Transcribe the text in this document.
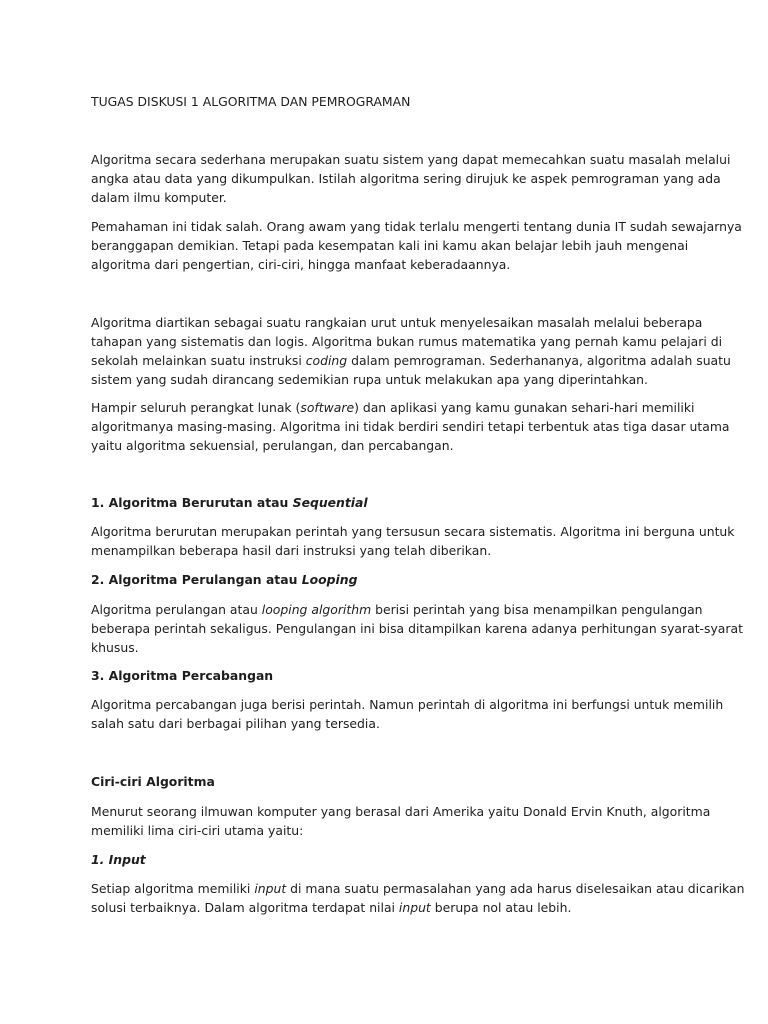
TUGAS DISKUSI 1 ALGORITMA DAN PEMROGRAMAN
Algoritma secara sederhana merupakan suatu sistem yang dapat memecahkan suatu masalah melalui
angka atau data yang dikumpulkan. Istilah algoritma sering dirujuk ke aspek pemrograman yang ada
dalam ilmu komputer.
Pemahaman ini tidak salah. Orang awam yang tidak terlalu mengerti tentang dunia IT sudah sewajarnya
beranggapan demikian. Tetapi pada kesempatan kali ini kamu akan belajar lebih jauh mengenai
algoritma dari pengertian, ciri-ciri, hingga manfaat keberadaannya.
Algoritma diartikan sebagai suatu rangkaian urut untuk menyelesaikan masalah melalui beberapa
tahapan yang sistematis dan logis. Algoritma bukan rumus matematika yang pernah kamu pelajari di
sekolah melainkan suatu instruksi coding dalam pemrograman. Sederhananya, algoritma adalah suatu
sistem yang sudah dirancang sedemikian rupa untuk melakukan apa yang diperintahkan.
Hampir seluruh perangkat lunak (software) dan aplikasi yang kamu gunakan sehari-hari memiliki
algoritmanya masing-masing. Algoritma ini tidak berdiri sendiri tetapi terbentuk atas tiga dasar utama
yaitu algoritma sekuensial, perulangan, dan percabangan.
1. Algoritma Berurutan atau Sequential
Algoritma berurutan merupakan perintah yang tersusun secara sistematis. Algoritma ini berguna untuk
menampilkan beberapa hasil dari instruksi yang telah diberikan.
2. Algoritma Perulangan atau Looping
Algoritma perulangan atau looping algorithm berisi perintah yang bisa menampilkan pengulangan
beberapa perintah sekaligus. Pengulangan ini bisa ditampilkan karena adanya perhitungan syarat-syarat
khusus.
3. Algoritma Percabangan
Algoritma percabangan juga berisi perintah. Namun perintah di algoritma ini berfungsi untuk memilih
salah satu dari berbagai pilihan yang tersedia.
Ciri-ciri Algoritma
Menurut seorang ilmuwan komputer yang berasal dari Amerika yaitu Donald Ervin Knuth, algoritma
memiliki lima ciri-ciri utama yaitu:
1. Input
Setiap algoritma memiliki input di mana suatu permasalahan yang ada harus diselesaikan atau dicarikan
solusi terbaiknya. Dalam algoritma terdapat nilai input berupa nol atau lebih.
